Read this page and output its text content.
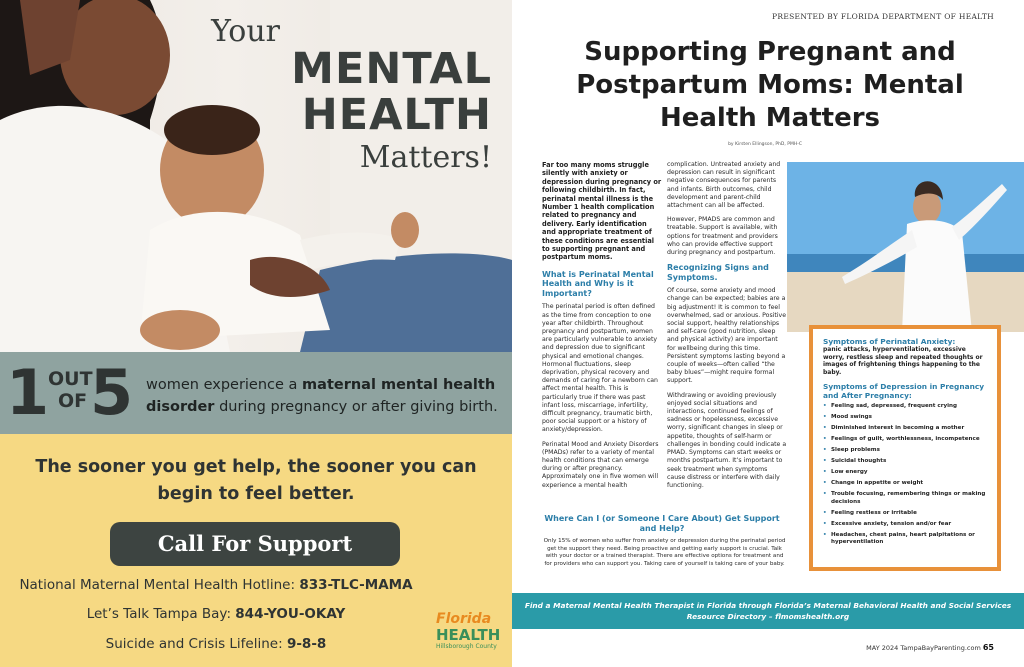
Your
MENTAL
HEALTH
Matters!
1
OUT
OF 5 women experience a maternal mental health disorder during pregnancy or after giving birth.
The sooner you get help, the sooner you can begin to feel better.
Call For Support
National Maternal Mental Health Hotline: 833-TLC-MAMA
Let’s Talk Tampa Bay: 844-YOU-OKAY
Suicide and Crisis Lifeline: 9-8-8
Florida
HEALTH
Hillsborough County
PRESENTED BY FLORIDA DEPARTMENT OF HEALTH
Supporting Pregnant and Postpartum Moms: Mental Health Matters
by Kirsten Ellingson, PhD, PMH-C

Far too many moms struggle silently with anxiety or depression during pregnancy or following childbirth. In fact, perinatal mental illness is the Number 1 health complication related to pregnancy and delivery. Early identification and appropriate treatment of these conditions are essential to supporting pregnant and postpartum moms.

What is Perinatal Mental Health and Why is it Important?

The perinatal period is often defined as the time from conception to one year after childbirth. Throughout pregnancy and postpartum, women are particularly vulnerable to anxiety and depression due to significant physical and emotional changes. Hormonal fluctuations, sleep deprivation, physical recovery and demands of caring for a newborn can affect mental health. This is particularly true if there was past infant loss, miscarriage, infertility, difficult pregnancy, traumatic birth, poor social support or a history of anxiety/depression.

Perinatal Mood and Anxiety Disorders (PMADs) refer to a variety of mental health conditions that can emerge during or after pregnancy. Approximately one in five women will experience a mental health

complication. Untreated anxiety and depression can result in significant negative consequences for parents and infants. Birth outcomes, child development and parent-child attachment can all be affected.

However, PMADS are common and treatable. Support is available, with options for treatment and providers who can provide effective support during pregnancy and postpartum.

Recognizing Signs and Symptoms.

Of course, some anxiety and mood change can be expected; babies are a big adjustment! It is common to feel overwhelmed, sad or anxious. Positive social support, healthy relationships and self-care (good nutrition, sleep and physical activity) are important for wellbeing during this time. Persistent symptoms lasting beyond a couple of weeks—often called “the baby blues”—might require formal support.

Withdrawing or avoiding previously enjoyed social situations and interactions, continued feelings of sadness or hopelessness, excessive worry, significant changes in sleep or appetite, thoughts of self-harm or challenges in bonding could indicate a PMAD. Symptoms can start weeks or months postpartum. It’s important to seek treatment when symptoms cause distress or interfere with daily functioning.

Symptoms of Perinatal Anxiety:
panic attacks, hyperventilation, excessive worry, restless sleep and repeated thoughts or images of frightening things happening to the baby.
Symptoms of Depression in Pregnancy and After Pregnancy:
• Feeling sad, depressed, frequent crying
• Mood swings
• Diminished interest in becoming a mother
• Feelings of guilt, worthlessness, incompetence
• Sleep problems
• Suicidal thoughts
• Low energy
• Change in appetite or weight
• Trouble focusing, remembering things or making decisions
• Feeling restless or irritable
• Excessive anxiety, tension and/or fear
• Headaches, chest pains, heart palpitations or hyperventilation
Where Can I (or Someone I Care About) Get Support and Help?
Only 15% of women who suffer from anxiety or depression during the perinatal period get the support they need. Being proactive and getting early support is crucial. Talk with your doctor or a trained therapist. There are effective options for treatment and for providers who can support you. Taking care of yourself is taking care of your baby.
Find a Maternal Mental Health Therapist in Florida through Florida’s Maternal Behavioral Health and Social Services Resource Directory – flmomshealth.org
MAY 2024 TampaBayParenting.com 65
